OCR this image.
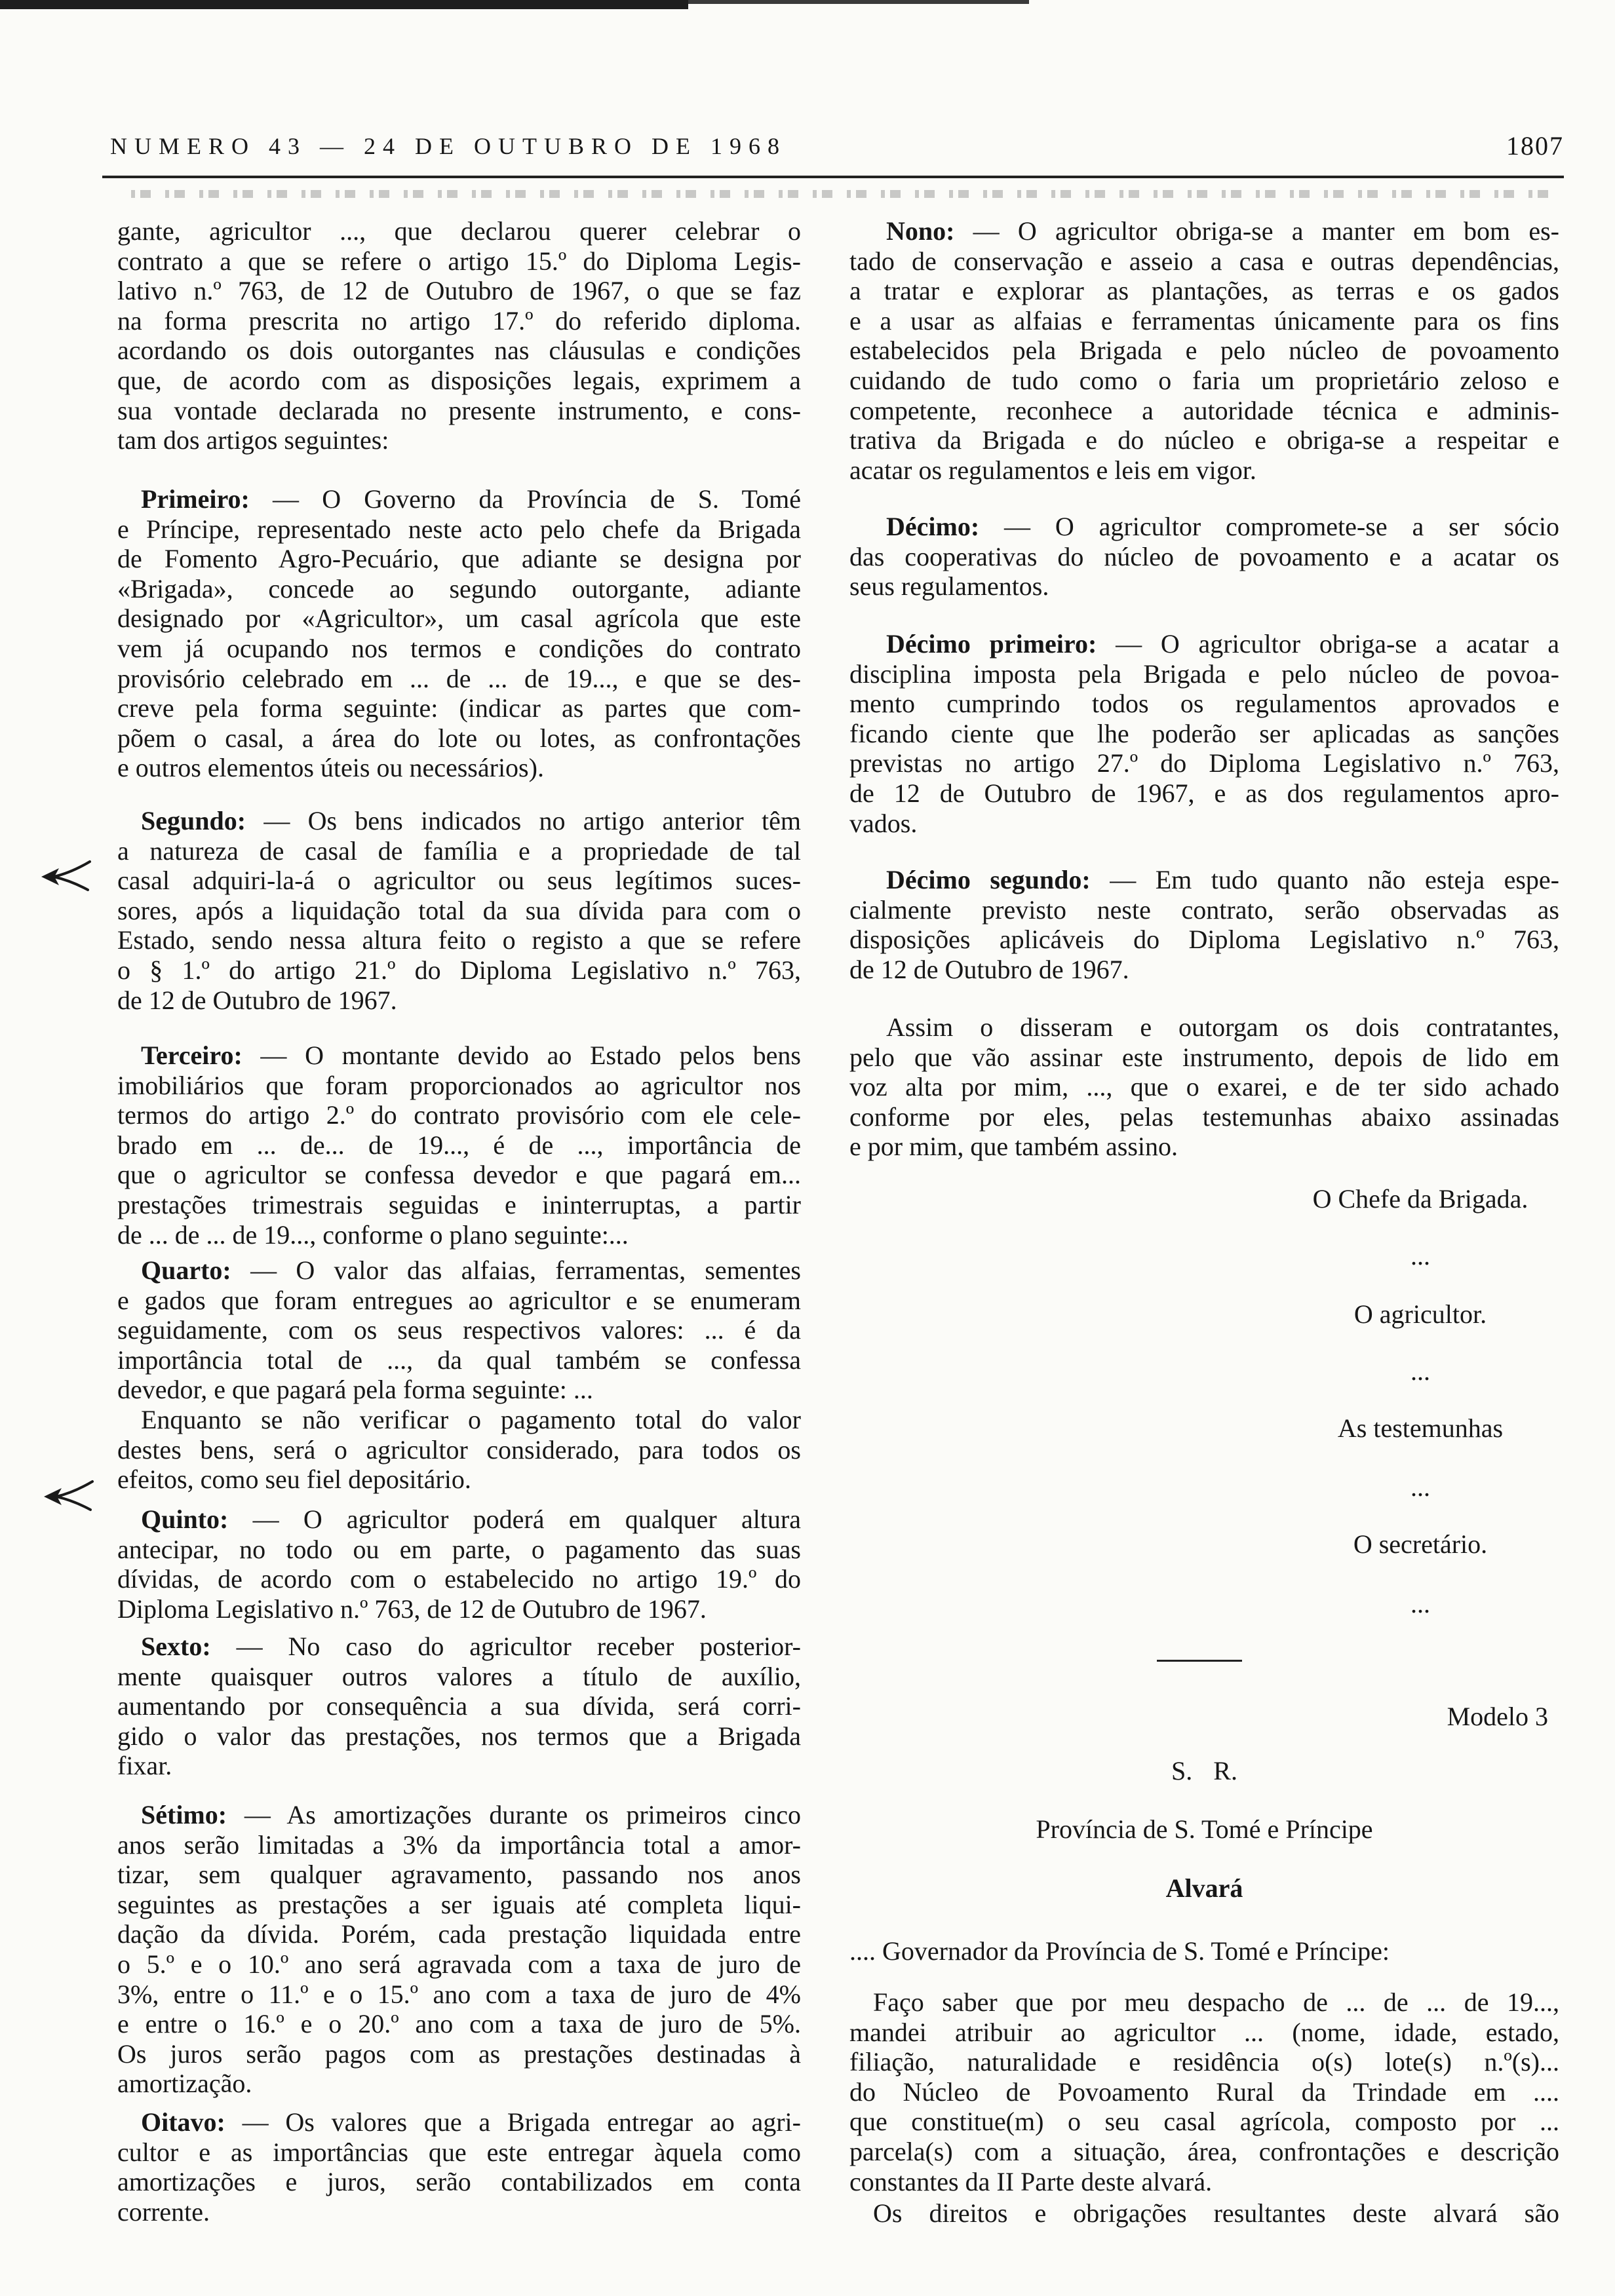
NUMERO 43 — 24 DE OUTUBRO DE 1968	1807
gante, agricultor ..., que declarou querer celebrar o
contrato a que se refere o artigo 15.º do Diploma Legis-
lativo n.º 763, de 12 de Outubro de 1967, o que se faz
na forma prescrita no artigo 17.º do referido diploma.
acordando os dois outorgantes nas cláusulas e condições
que, de acordo com as disposições legais, exprimem a
sua vontade declarada no presente instrumento, e cons-
tam dos artigos seguintes:
Primeiro: — O Governo da Província de S. Tomé
e Príncipe, representado neste acto pelo chefe da Brigada
de Fomento Agro-Pecuário, que adiante se designa por
«Brigada», concede ao segundo outorgante, adiante
designado por «Agricultor», um casal agrícola que este
vem já ocupando nos termos e condições do contrato
provisório celebrado em ... de ... de 19..., e que se des-
creve pela forma seguinte: (indicar as partes que com-
põem o casal, a área do lote ou lotes, as confrontações
e outros elementos úteis ou necessários).
Segundo: — Os bens indicados no artigo anterior têm
a natureza de casal de família e a propriedade de tal
casal adquiri-la-á o agricultor ou seus legítimos suces-
sores, após a liquidação total da sua dívida para com o
Estado, sendo nessa altura feito o registo a que se refere
o § 1.º do artigo 21.º do Diploma Legislativo n.º 763,
de 12 de Outubro de 1967.
Terceiro: — O montante devido ao Estado pelos bens
imobiliários que foram proporcionados ao agricultor nos
termos do artigo 2.º do contrato provisório com ele cele-
brado em ... de... de 19..., é de ..., importância de
que o agricultor se confessa devedor e que pagará em...
prestações trimestrais seguidas e ininterruptas, a partir
de ... de ... de 19..., conforme o plano seguinte:...
Quarto: — O valor das alfaias, ferramentas, sementes
e gados que foram entregues ao agricultor e se enumeram
seguidamente, com os seus respectivos valores: ... é da
importância total de ..., da qual também se confessa
devedor, e que pagará pela forma seguinte: ...
Enquanto se não verificar o pagamento total do valor
destes bens, será o agricultor considerado, para todos os
efeitos, como seu fiel depositário.
Quinto: — O agricultor poderá em qualquer altura
antecipar, no todo ou em parte, o pagamento das suas
dívidas, de acordo com o estabelecido no artigo 19.º do
Diploma Legislativo n.º 763, de 12 de Outubro de 1967.
Sexto: — No caso do agricultor receber posterior-
mente quaisquer outros valores a título de auxílio,
aumentando por consequência a sua dívida, será corri-
gido o valor das prestações, nos termos que a Brigada
fixar.
Sétimo: — As amortizações durante os primeiros cinco
anos serão limitadas a 3% da importância total a amor-
tizar, sem qualquer agravamento, passando nos anos
seguintes as prestações a ser iguais até completa liqui-
dação da dívida. Porém, cada prestação liquidada entre
o 5.º e o 10.º ano será agravada com a taxa de juro de
3%, entre o 11.º e o 15.º ano com a taxa de juro de 4%
e entre o 16.º e o 20.º ano com a taxa de juro de 5%.
Os juros serão pagos com as prestações destinadas à
amortização.
Oitavo: — Os valores que a Brigada entregar ao agri-
cultor e as importâncias que este entregar àquela como
amortizações e juros, serão contabilizados em conta
corrente.
Nono: — O agricultor obriga-se a manter em bom es-
tado de conservação e asseio a casa e outras dependências,
a tratar e explorar as plantações, as terras e os gados
e a usar as alfaias e ferramentas únicamente para os fins
estabelecidos pela Brigada e pelo núcleo de povoamento
cuidando de tudo como o faria um proprietário zeloso e
competente, reconhece a autoridade técnica e adminis-
trativa da Brigada e do núcleo e obriga-se a respeitar e
acatar os regulamentos e leis em vigor.
Décimo: — O agricultor compromete-se a ser sócio
das cooperativas do núcleo de povoamento e a acatar os
seus regulamentos.
Décimo primeiro: — O agricultor obriga-se a acatar a
disciplina imposta pela Brigada e pelo núcleo de povoa-
mento cumprindo todos os regulamentos aprovados e
ficando ciente que lhe poderão ser aplicadas as sanções
previstas no artigo 27.º do Diploma Legislativo n.º 763,
de 12 de Outubro de 1967, e as dos regulamentos apro-
vados.
Décimo segundo: — Em tudo quanto não esteja espe-
cialmente previsto neste contrato, serão observadas as
disposições aplicáveis do Diploma Legislativo n.º 763,
de 12 de Outubro de 1967.
Assim o disseram e outorgam os dois contratantes,
pelo que vão assinar este instrumento, depois de lido em
voz alta por mim, ..., que o exarei, e de ter sido achado
conforme por eles, pelas testemunhas abaixo assinadas
e por mim, que também assino.
O Chefe da Brigada.
...
O agricultor.
...
As testemunhas
...
O secretário.
...
Modelo 3
S. R.
Província de S. Tomé e Príncipe
Alvará
.... Governador da Província de S. Tomé e Príncipe:
Faço saber que por meu despacho de ... de ... de 19...,
mandei atribuir ao agricultor ... (nome, idade, estado,
filiação, naturalidade e residência o(s) lote(s) n.º(s)...
do Núcleo de Povoamento Rural da Trindade em ....
que constitue(m) o seu casal agrícola, composto por ...
parcela(s) com a situação, área, confrontações e descrição
constantes da II Parte deste alvará.
Os direitos e obrigações resultantes deste alvará são
